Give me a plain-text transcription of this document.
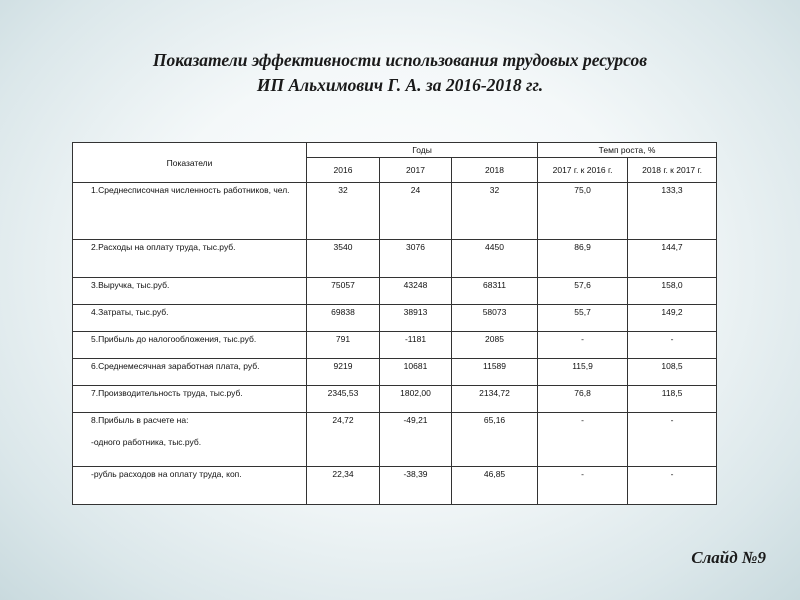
Показатели эффективности использования трудовых ресурсов
ИП Альхимович Г. А. за 2016-2018 гг.
Показатели	Годы			Темп роста, %	
	2016	2017	2018	2017 г. к 2016 г.	2018 г. к 2017 г.
1.Среднесписочная численность работников, чел.	32	24	32	75,0	133,3
2.Расходы на оплату труда, тыс.руб.	3540	3076	4450	86,9	144,7
3.Выручка, тыс.руб.	75057	43248	68311	57,6	158,0
4.Затраты, тыс.руб.	69838	38913	58073	55,7	149,2
5.Прибыль до налогообложения, тыс.руб.	791	-1181	2085	-	-
6.Среднемесячная заработная плата, руб.	9219	10681	11589	115,9	108,5
7.Производительность труда, тыс.руб.	2345,53	1802,00	2134,72	76,8	118,5

8.Прибыль в расчете на:
-одного работника, тыс.руб.	24,72	-49,21	65,16	-	-
-рубль расходов на оплату труда, коп.	22,34	-38,39	46,85	-	-
Слайд №9
